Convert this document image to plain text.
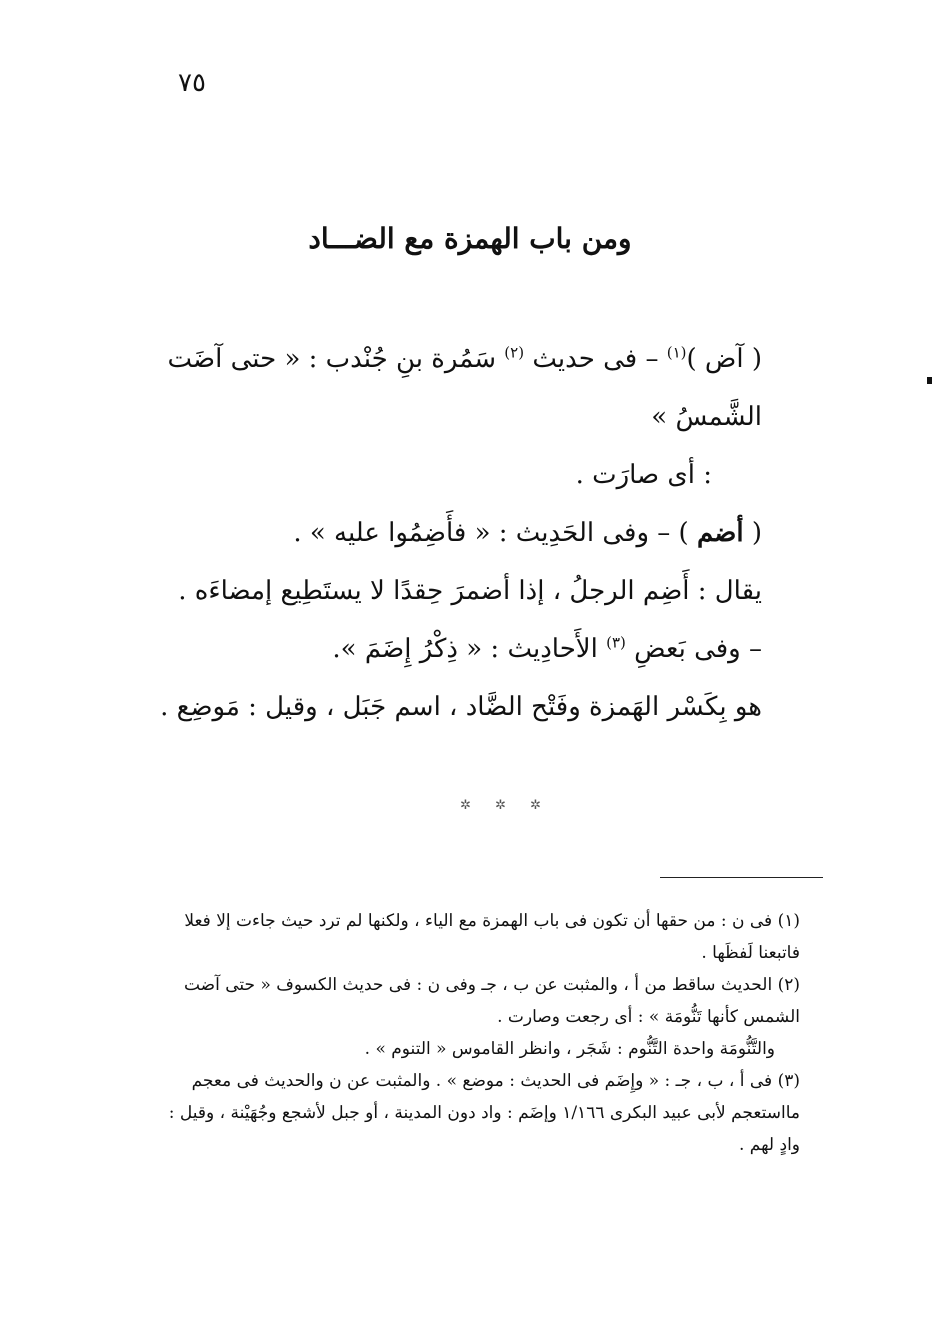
٧٥
ومن باب الهمزة مع الضـــاد

( آض )$^{(١)}$ – فى حديث $^{(٢)}$ سَمُرة بنِ جُنْدب : « حتى آضَت الشَّمسُ »

: أى صارَت .

( أضم ) – وفى الحَدِيث : « فأَضِمُوا عليه » .

يقال : أَضِم الرجلُ ، إذا أضمرَ حِقدًا لا يستَطِيع إمضاءَه .

– وفى بَعضِ $^{(٣)}$ الأَحادِيث : « ذِكْرُ إِضَمَ ».

هو بِكَسْر الهَمزة وفَتْح الضَّاد ، اسم جَبَل ، وقيل : مَوضِع .

✲ ✲ ✲

(١) فى ن : من حقها أن تكون فى باب الهمزة مع الياء ، ولكنها لم ترد حيث جاءت إلا فعلا فاتبعنا لَفظَها .

(٢) الحديث ساقط من أ ، والمثبت عن ب ، جـ وفى ن : فى حديث الكسوف « حتى آضت الشمس كأنها تَنُّومَة » : أى رجعت وصارت .

والتَّنُّومَة واحدة التَّنُّوم : شَجَر ، وانظر القاموس « التنوم » .

(٣) فى أ ، ب ، جـ : « وإِضَم فى الحديث : موضع » . والمثبت عن ن والحديث فى معجم مااستعجم لأبى عبيد البكرى ١/١٦٦ وإضَم : واد دون المدينة ، أو جبل لأشجع وجُهَيْنة ، وقيل : وادٍ لهم .
